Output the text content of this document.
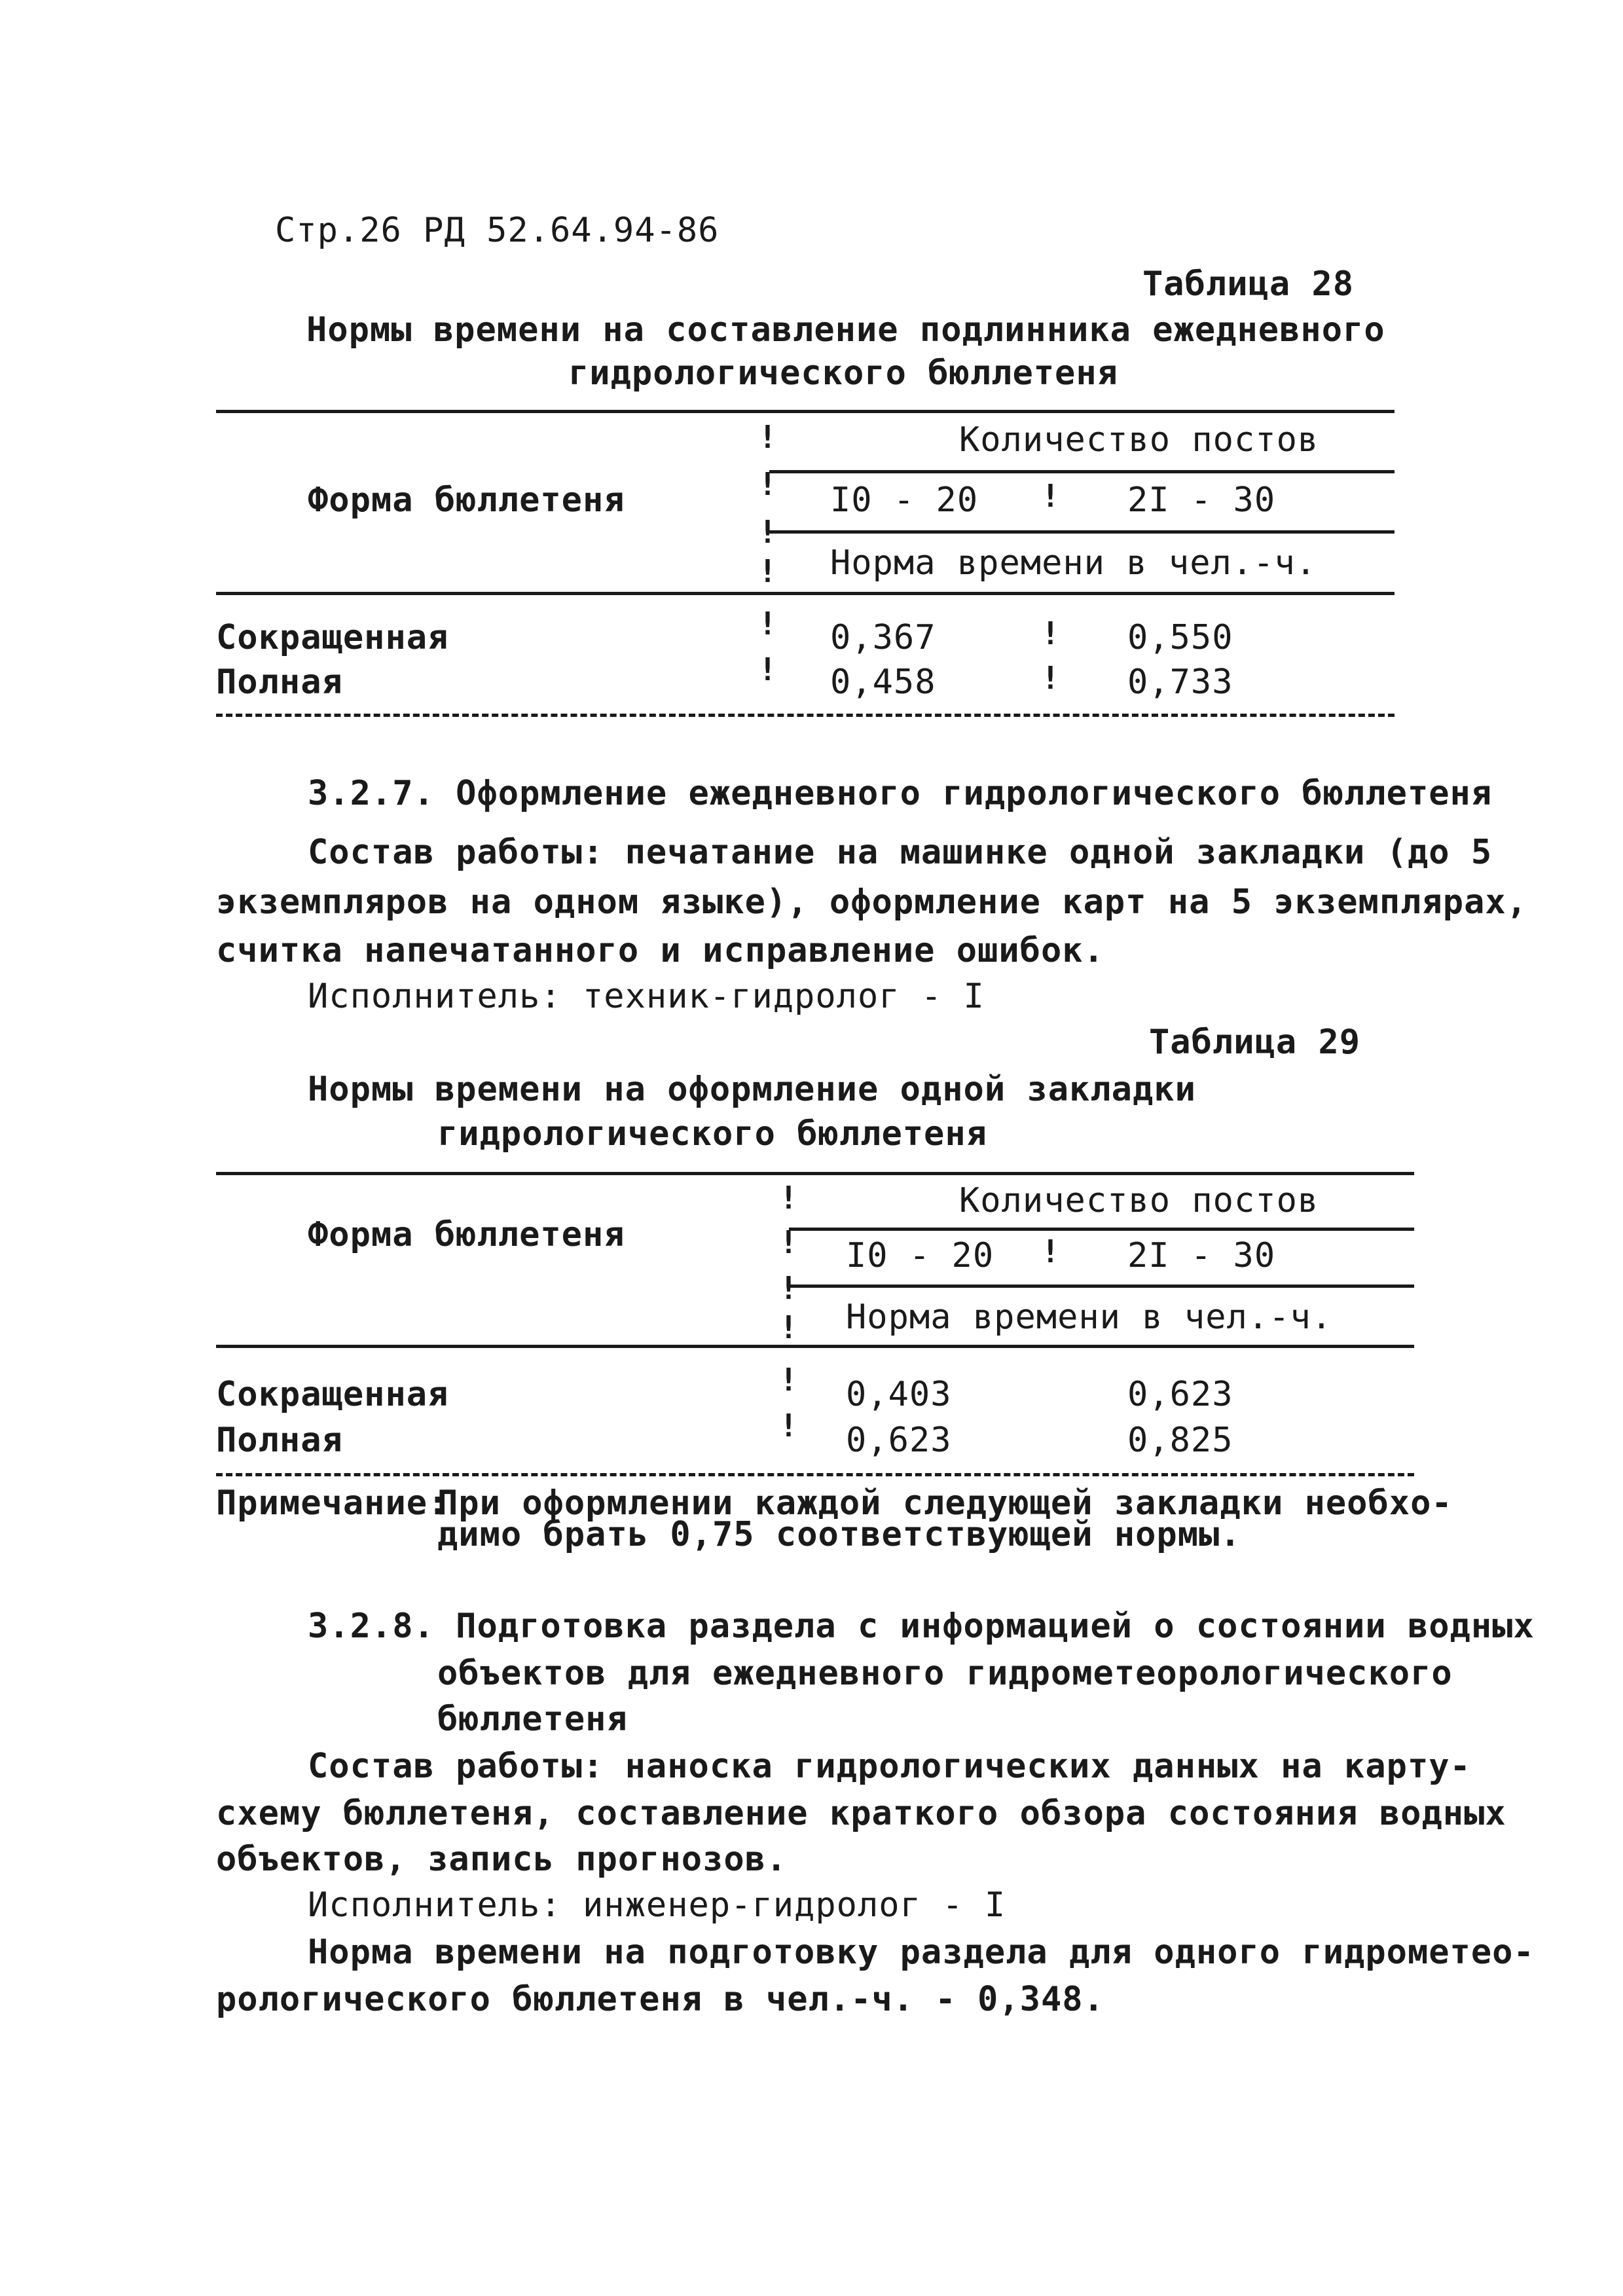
Стр.26 РД 52.64.94-86
Таблица 28
Нормы времени на составление подлинника ежедневного
гидрологического бюллетеня
!
!
!
!
Количество постов
Форма бюллетеня	I0 - 20 ! 2I - 30
Норма времени в чел.-ч.
Сокращенная	! 0,367	! 0,550
Полная	! 0,458	! 0,733
3.2.7. Оформление ежедневного гидрологического бюллетеня
Состав работы: печатание на машинке одной закладки (до 5
экземпляров на одном языке), оформление карт на 5 экземплярах,
считка напечатанного и исправление ошибок.
Исполнитель: техник-гидролог - I
Таблица 29
Нормы времени на оформление одной закладки
гидрологического бюллетеня
!
!
!
!
Количество постов
Форма бюллетеня
I0 - 20 ! 2I - 30
Норма времени в чел.-ч.
Сокращенная	! 0,403	0,623
Полная	! 0,623	0,825
Примечание:
При оформлении каждой следующей закладки необхо-
димо брать 0,75 соответствующей нормы.
3.2.8. Подготовка раздела с информацией о состоянии водных
объектов для ежедневного гидрометеорологического
бюллетеня
Состав работы: наноска гидрологических данных на карту-
схему бюллетеня, составление краткого обзора состояния водных
объектов, запись прогнозов.
Исполнитель: инженер-гидролог - I
Норма времени на подготовку раздела для одного гидрометео-
рологического бюллетеня в чел.-ч. - 0,348.
